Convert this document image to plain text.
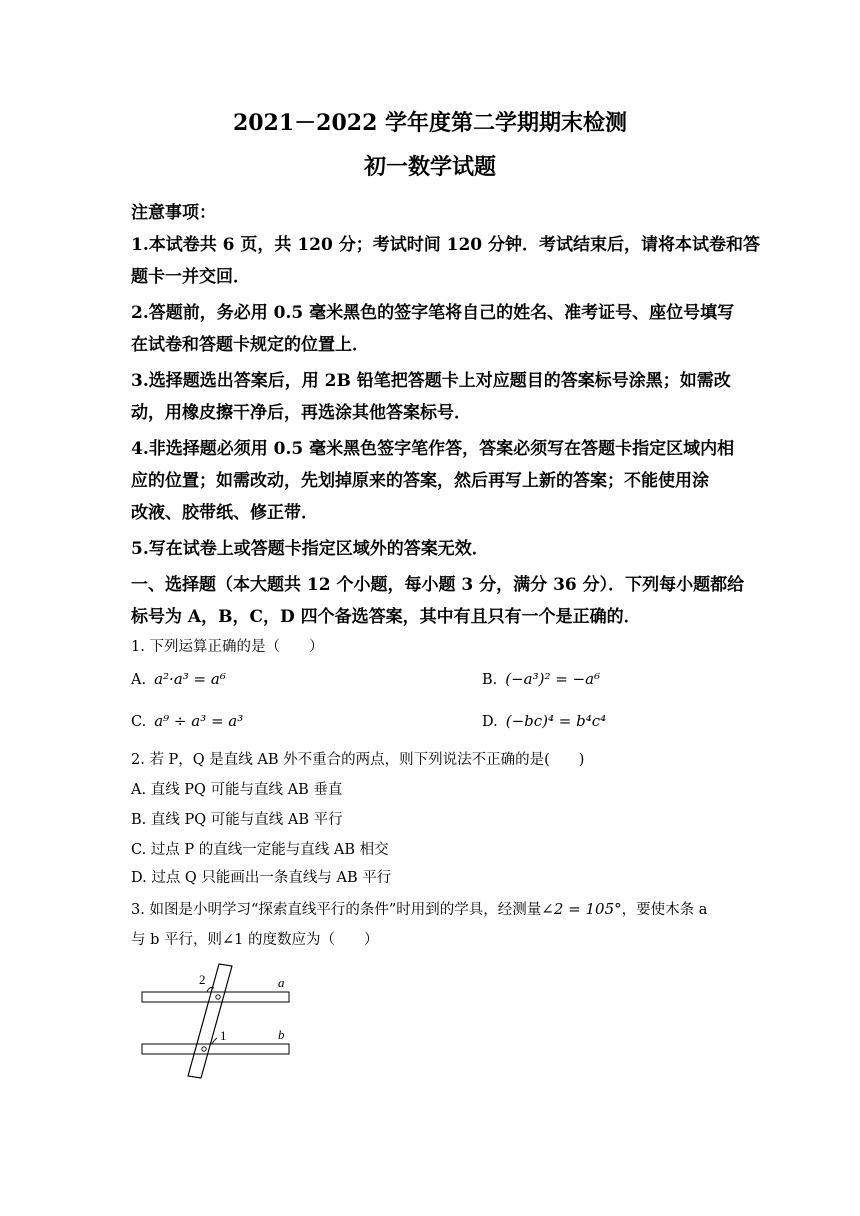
2021－2022 学年度第二学期期末检测
初一数学试题
注意事项：
1.本试卷共 6 页，共 120 分；考试时间 120 分钟．考试结束后，请将本试卷和答
题卡一并交回．
2.答题前，务必用 0.5 毫米黑色的签字笔将自己的姓名、准考证号、座位号填写
在试卷和答题卡规定的位置上．
3.选择题选出答案后，用 2B 铅笔把答题卡上对应题目的答案标号涂黑；如需改
动，用橡皮擦干净后，再选涂其他答案标号．
4.非选择题必须用 0.5 毫米黑色签字笔作答，答案必须写在答题卡指定区域内相
应的位置；如需改动，先划掉原来的答案，然后再写上新的答案；不能使用涂
改液、胶带纸、修正带．
5.写在试卷上或答题卡指定区域外的答案无效．
一、选择题（本大题共 12 个小题，每小题 3 分，满分 36 分）．下列每小题都给
标号为 A，B，C，D 四个备选答案，其中有且只有一个是正确的．
1. 下列运算正确的是（　　）
A. a²·a³ = a⁶	B. (−a³)² = −a⁶
C. a⁹ ÷ a³ = a³	D. (−bc)⁴ = b⁴c⁴
2. 若 P，Q 是直线 AB 外不重合的两点，则下列说法不正确的是(　　)
A. 直线 PQ 可能与直线 AB 垂直
B. 直线 PQ 可能与直线 AB 平行
C. 过点 P 的直线一定能与直线 AB 相交
D. 过点 Q 只能画出一条直线与 AB 平行
3. 如图是小明学习“探索直线平行的条件”时用到的学具，经测量∠2 = 105°，要使木条 a
与 b 平行，则∠1 的度数应为（　　）
2
1
a
b
